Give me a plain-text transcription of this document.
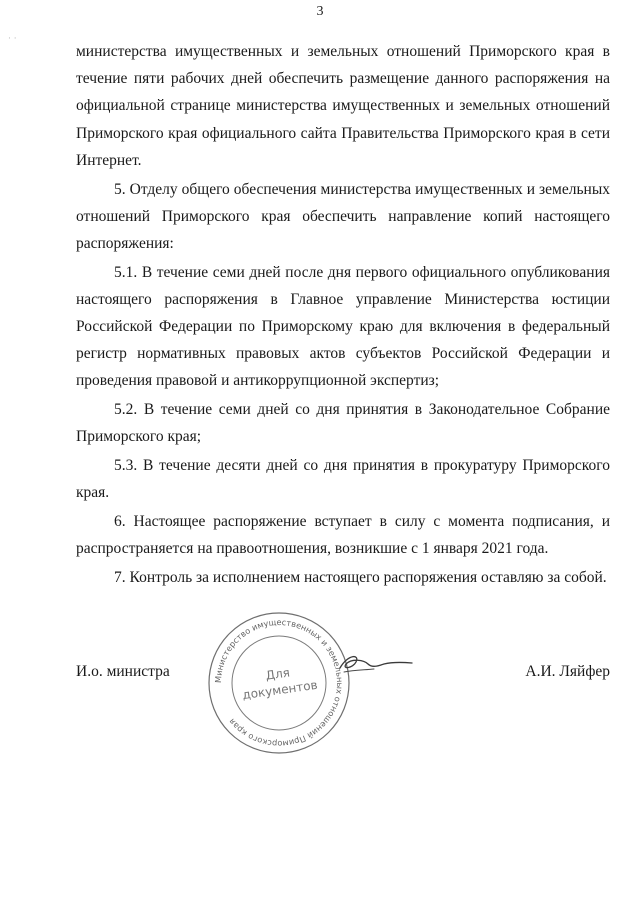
3
· ·

министерства имущественных и земельных отношений Приморского края в течение пяти рабочих дней обеспечить размещение данного распоряжения на официальной странице министерства имущественных и земельных отношений Приморского края официального сайта Правительства Приморского края в сети Интернет.

5. Отделу общего обеспечения министерства имущественных и земельных отношений Приморского края обеспечить направление копий настоящего распоряжения:

5.1. В течение семи дней после дня первого официального опубликования настоящего распоряжения в Главное управление Министерства юстиции Российской Федерации по Приморскому краю для включения в федеральный регистр нормативных правовых актов субъектов Российской Федерации и проведения правовой и антикоррупционной экспертиз;

5.2. В течение семи дней со дня принятия в Законодательное Собрание Приморского края;

5.3. В течение десяти дней со дня принятия в прокуратуру Приморского края.

6. Настоящее распоряжение вступает в силу с момента подписания, и распространяется на правоотношения, возникшие с 1 января 2021 года.

7. Контроль за исполнением настоящего распоряжения оставляю за собой.

Министерство имущественных и земельных отношений Приморского края
Для
документов
И.о. министра	А.И. Ляйфер
